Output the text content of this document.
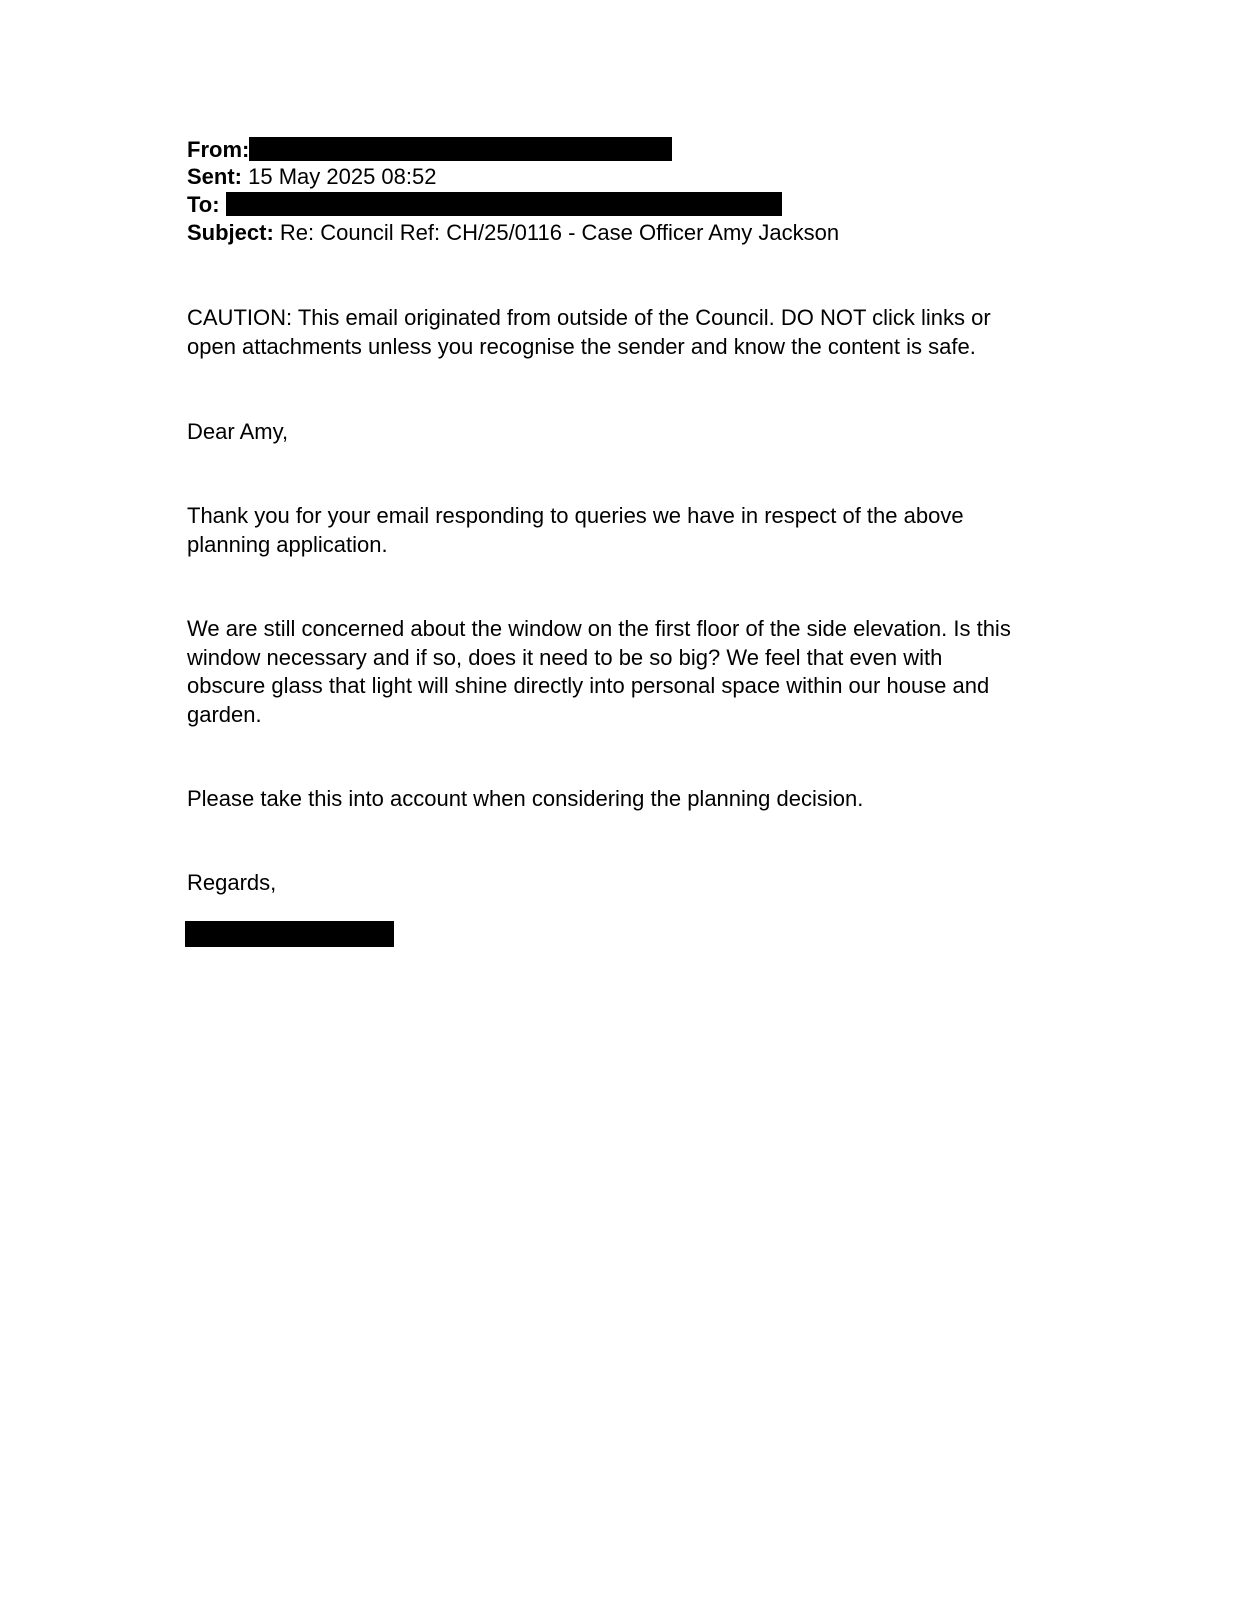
From:
Sent: 15 May 2025 08:52
To:
Subject: Re: Council Ref: CH/25/0116 - Case Officer Amy Jackson
CAUTION: This email originated from outside of the Council. DO NOT click links or
open attachments unless you recognise the sender and know the content is safe.
Dear Amy,
Thank you for your email responding to queries we have in respect of the above
planning application.
We are still concerned about the window on the first floor of the side elevation. Is this
window necessary and if so, does it need to be so big? We feel that even with
obscure glass that light will shine directly into personal space within our house and
garden.
Please take this into account when considering the planning decision.
Regards,
